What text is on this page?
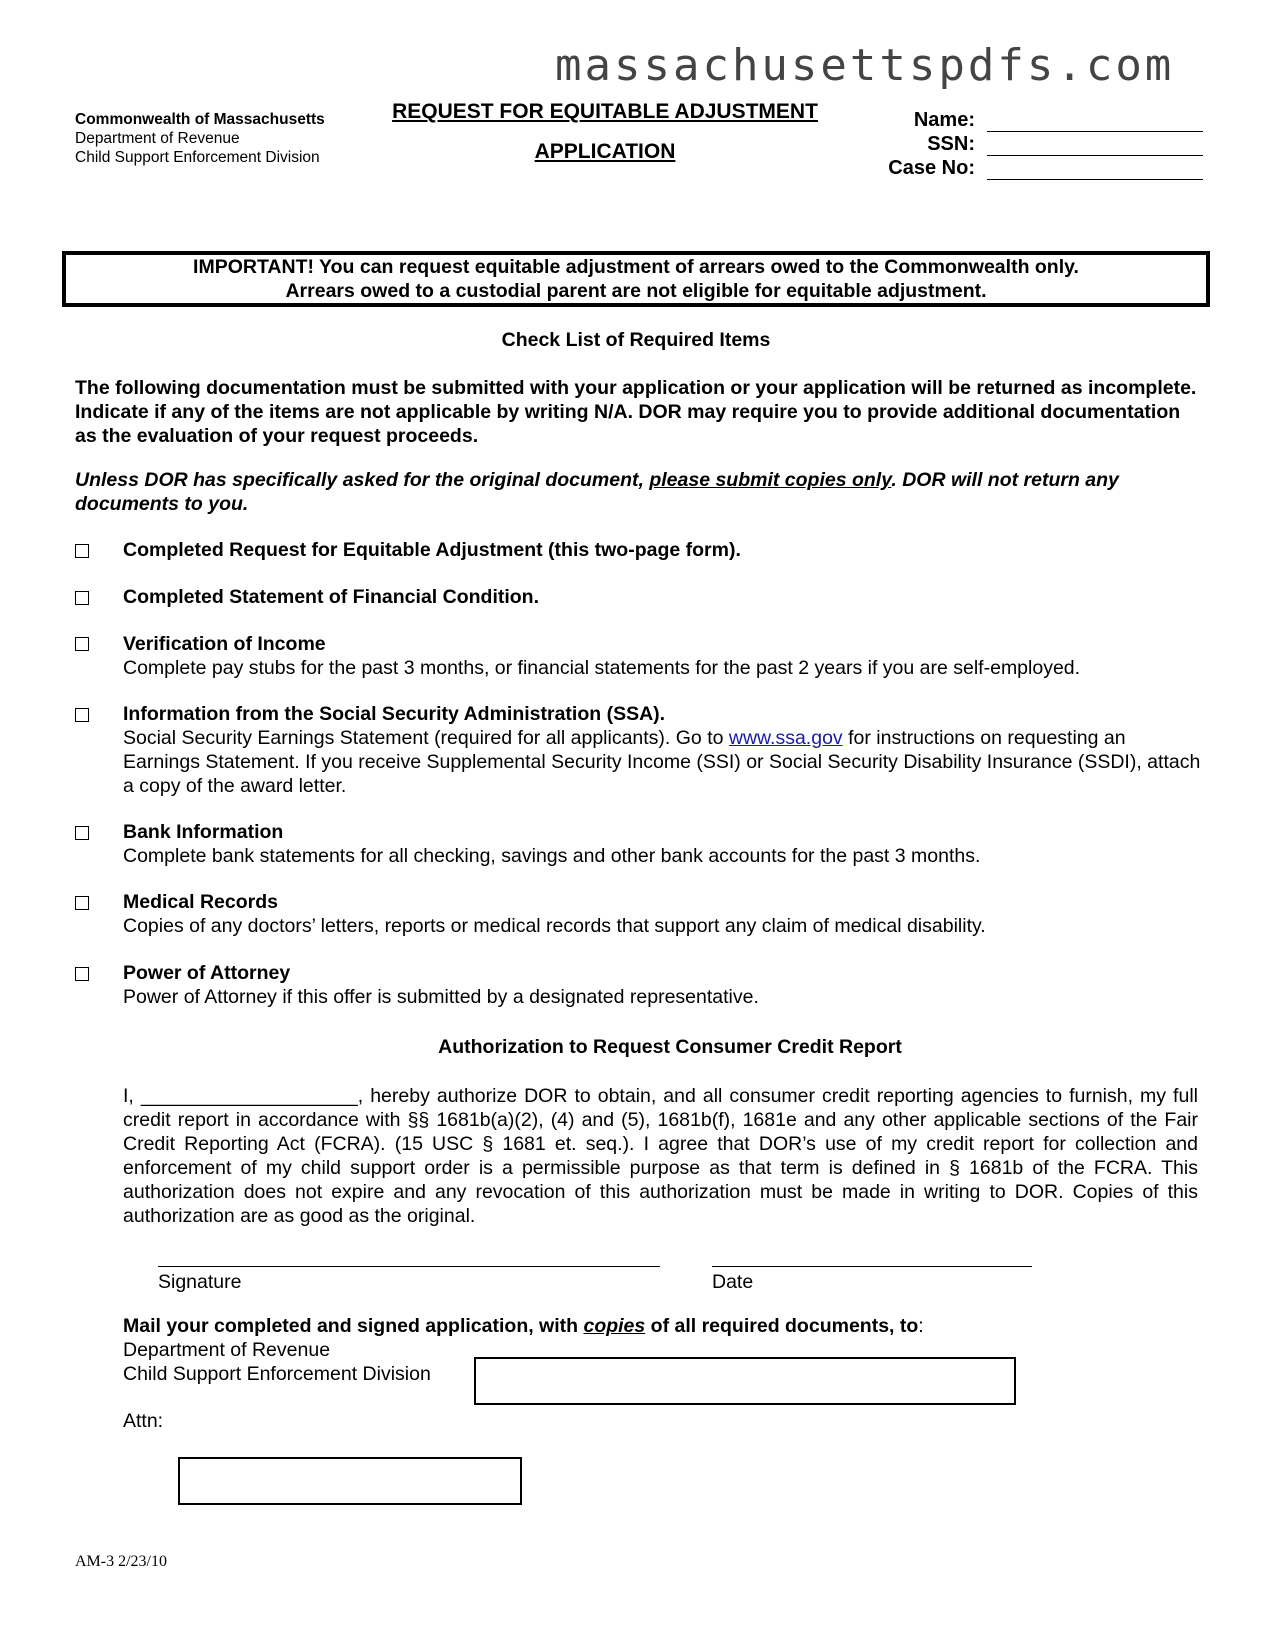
massachusettspdfs.com
Commonwealth of Massachusetts
Department of Revenue
Child Support Enforcement Division
REQUEST FOR EQUITABLE ADJUSTMENT
APPLICATION
Name:
SSN:
Case No:
IMPORTANT! You can request equitable adjustment of arrears owed to the Commonwealth only.
Arrears owed to a custodial parent are not eligible for equitable adjustment.
Check List of Required Items
The following documentation must be submitted with your application or your application will be returned as incomplete. Indicate if any of the items are not applicable by writing N/A. DOR may require you to provide additional documentation as the evaluation of your request proceeds.
Unless DOR has specifically asked for the original document, please submit copies only. DOR will not return any documents to you.
Completed Request for Equitable Adjustment (this two-page form).
Completed Statement of Financial Condition.
Verification of Income
Complete pay stubs for the past 3 months, or financial statements for the past 2 years if you are self-employed.
Information from the Social Security Administration (SSA).
Social Security Earnings Statement (required for all applicants). Go to www.ssa.gov for instructions on requesting an Earnings Statement. If you receive Supplemental Security Income (SSI) or Social Security Disability Insurance (SSDI), attach a copy of the award letter.
Bank Information
Complete bank statements for all checking, savings and other bank accounts for the past 3 months.
Medical Records
Copies of any doctors’ letters, reports or medical records that support any claim of medical disability.
Power of Attorney
Power of Attorney if this offer is submitted by a designated representative.
Authorization to Request Consumer Credit Report
I, ____________________, hereby authorize DOR to obtain, and all consumer credit reporting agencies to furnish, my full credit report in accordance with §§ 1681b(a)(2), (4) and (5), 1681b(f), 1681e and any other applicable sections of the Fair Credit Reporting Act (FCRA). (15 USC § 1681 et. seq.). I agree that DOR’s use of my credit report for collection and enforcement of my child support order is a permissible purpose as that term is defined in § 1681b of the FCRA. This authorization does not expire and any revocation of this authorization must be made in writing to DOR. Copies of this authorization are as good as the original.
Signature	Date
Mail your completed and signed application, with copies of all required documents, to:
Department of Revenue
Child Support Enforcement Division
Attn:
AM-3 2/23/10
